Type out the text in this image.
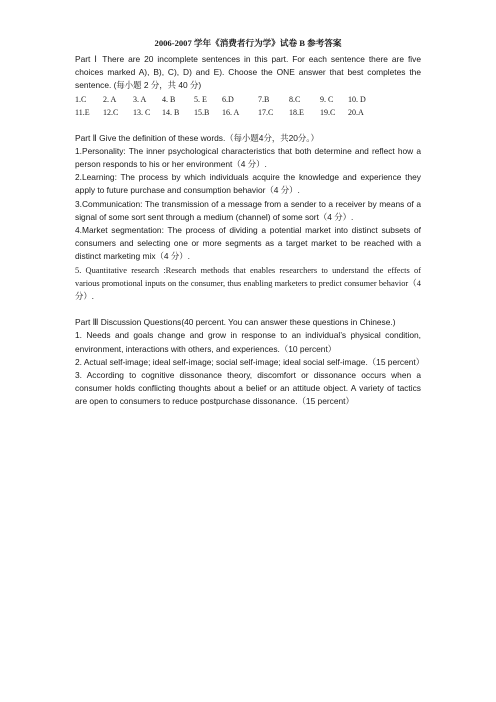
2006-2007 学年《消费者行为学》试卷 B 参考答案

Part Ⅰ There are 20 incomplete sentences in this part. For each sentence there are five choices marked A), B), C), D) and E). Choose the ONE answer that best completes the sentence. (每小题 2 分，共 40 分)

1.C	2. A	3. A	4. B	5. E	6.D	7.B	8.C	9. C	10. D
11.E	12.C	13. C	14. B	15.B	16. A	17.C	18.E	19.C	20.A

Part Ⅱ Give the definition of these words.（每小题4分，共20分。）

1.Personality: The inner psychological characteristics that both determine and reflect how a person responds to his or her environment（4 分）.

2.Learning: The process by which individuals acquire the knowledge and experience they apply to future purchase and consumption behavior（4 分）.

3.Communication: The transmission of a message from a sender to a receiver by means of a signal of some sort sent through a medium (channel) of some sort（4 分）.

4.Market segmentation: The process of dividing a potential market into distinct subsets of consumers and selecting one or more segments as a target market to be reached with a distinct marketing mix（4 分）.

5. Quantitative research :Research methods that enables researchers to understand the effects of various promotional inputs on the consumer, thus enabling marketers to predict consumer behavior（4 分）.

Part Ⅲ Discussion Questions(40 percent. You can answer these questions in Chinese.)

1. Needs and goals change and grow in response to an individual’s physical condition, environment, interactions with others, and experiences.（10 percent）

2. Actual self-image; ideal self-image; social self-image; ideal social self-image.（15 percent）

3. According to cognitive dissonance theory, discomfort or dissonance occurs when a consumer holds conflicting thoughts about a belief or an attitude object. A variety of tactics are open to consumers to reduce postpurchase dissonance.（15 percent）
